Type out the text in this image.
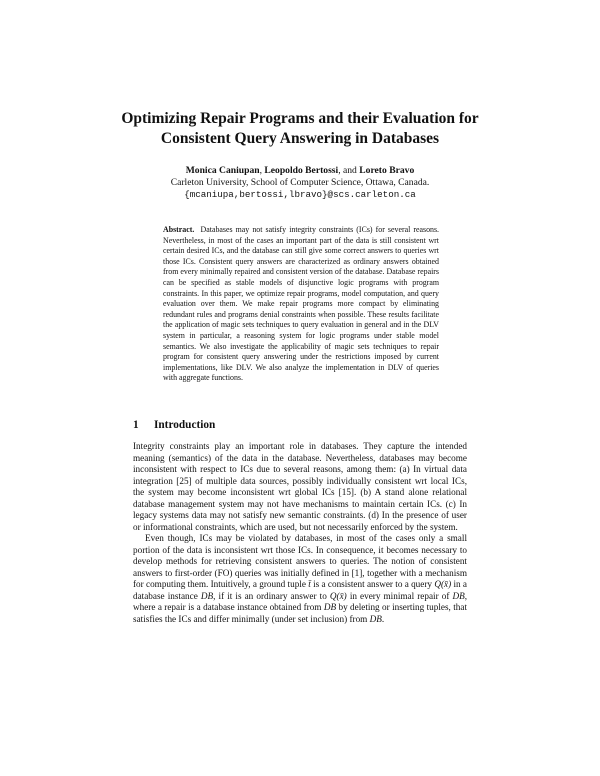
Optimizing Repair Programs and their Evaluation for Consistent Query Answering in Databases
Monica Caniupan, Leopoldo Bertossi, and Loreto Bravo
Carleton University, School of Computer Science, Ottawa, Canada.
{mcaniupa,bertossi,lbravo}@scs.carleton.ca

Abstract. Databases may not satisfy integrity constraints (ICs) for several reasons. Nevertheless, in most of the cases an important part of the data is still consistent wrt certain desired ICs, and the database can still give some correct answers to queries wrt those ICs. Consistent query answers are characterized as ordinary answers obtained from every minimally repaired and consistent version of the database. Database repairs can be specified as stable models of disjunctive logic programs with program constraints. In this paper, we optimize repair programs, model computation, and query evaluation over them. We make repair programs more compact by eliminating redundant rules and programs denial constraints when possible. These results facilitate the application of magic sets techniques to query evaluation in general and in the DLV system in particular, a reasoning system for logic programs under stable model semantics. We also investigate the applicability of magic sets techniques to repair program for consistent query answering under the restrictions imposed by current implementations, like DLV. We also analyze the implementation in DLV of queries with aggregate functions.

1 Introduction

Integrity constraints play an important role in databases. They capture the intended meaning (semantics) of the data in the database. Nevertheless, databases may become inconsistent with respect to ICs due to several reasons, among them: (a) In virtual data integration [25] of multiple data sources, possibly individually consistent wrt local ICs, the system may become inconsistent wrt global ICs [15]. (b) A stand alone relational database management system may not have mechanisms to maintain certain ICs. (c) In legacy systems data may not satisfy new semantic constraints. (d) In the presence of user or informational constraints, which are used, but not necessarily enforced by the system.

Even though, ICs may be violated by databases, in most of the cases only a small portion of the data is inconsistent wrt those ICs. In consequence, it becomes necessary to develop methods for retrieving consistent answers to queries. The notion of consistent answers to first-order (FO) queries was initially defined in [1], together with a mechanism for computing them. Intuitively, a ground tuple t̄ is a consistent answer to a query Q(x̄) in a database instance DB, if it is an ordinary answer to Q(x̄) in every minimal repair of DB, where a repair is a database instance obtained from DB by deleting or inserting tuples, that satisfies the ICs and differ minimally (under set inclusion) from DB.
